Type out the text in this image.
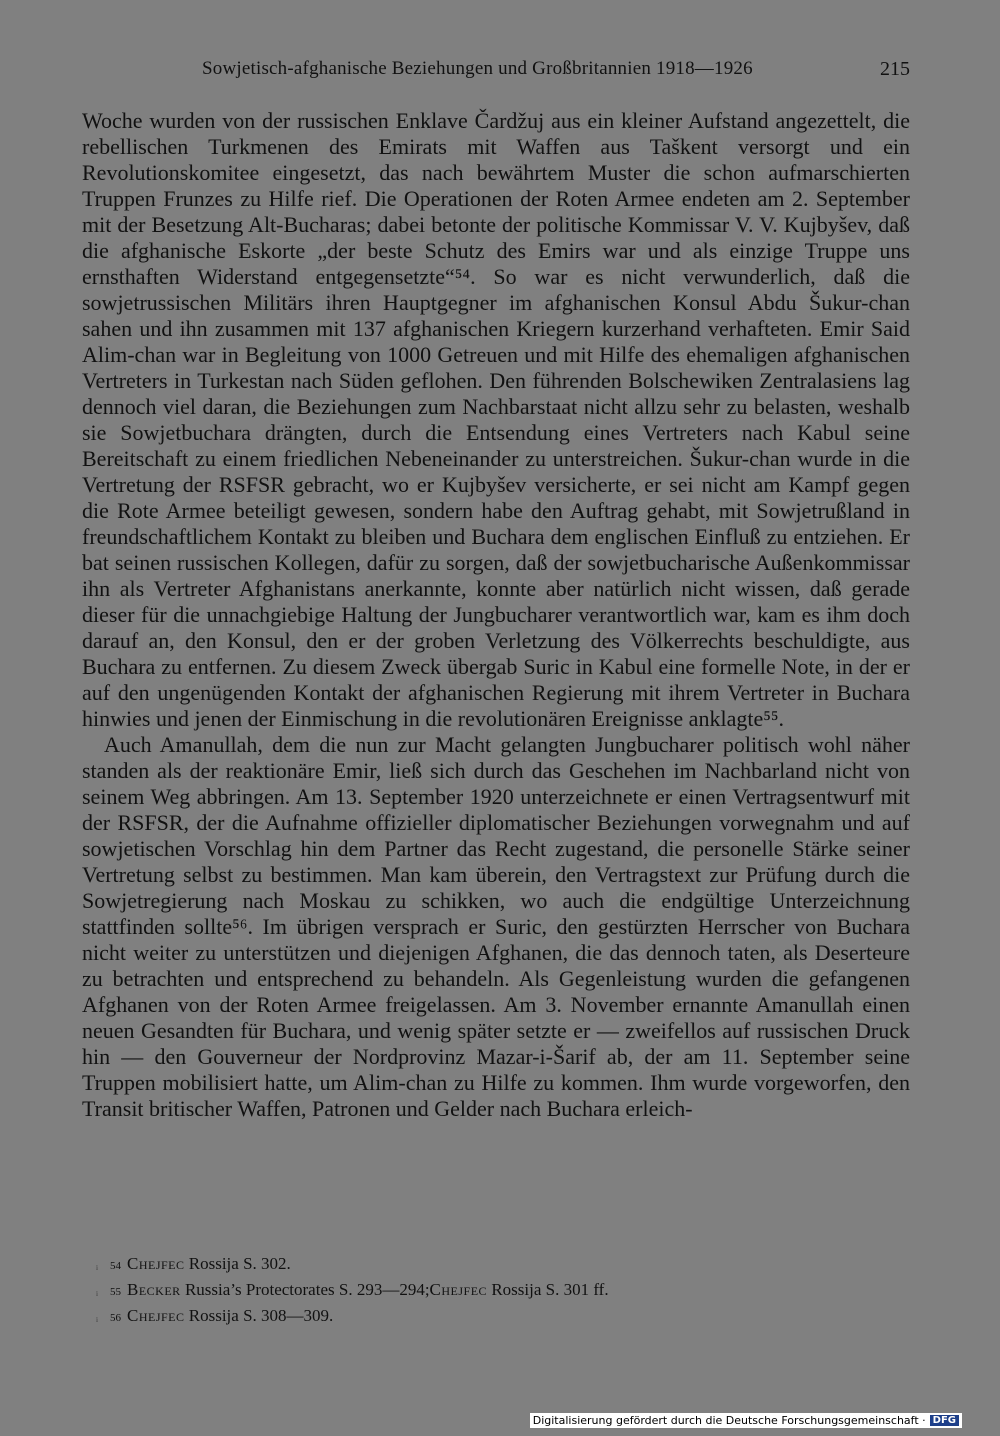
Sowjetisch-afghanische Beziehungen und Großbritannien 1918—1926	215

Woche wurden von der russischen Enklave Čardžuj aus ein kleiner Aufstand angezettelt, die rebellischen Turkmenen des Emirats mit Waffen aus Taškent versorgt und ein Revolutionskomitee eingesetzt, das nach bewährtem Muster die schon aufmarschierten Truppen Frunzes zu Hilfe rief. Die Operationen der Roten Armee endeten am 2. September mit der Besetzung Alt-Bucharas; dabei betonte der politische Kommissar V. V. Kujbyšev, daß die afghanische Eskorte „der beste Schutz des Emirs war und als einzige Truppe uns ernsthaften Widerstand entgegensetzte“⁵⁴. So war es nicht verwunderlich, daß die sowjetrussischen Militärs ihren Hauptgegner im afghanischen Konsul Abdu Šukur-chan sahen und ihn zusammen mit 137 afghanischen Kriegern kurzerhand verhafteten. Emir Said Alim-chan war in Begleitung von 1000 Getreuen und mit Hilfe des ehemaligen afghanischen Vertreters in Turkestan nach Süden geflohen. Den führenden Bolschewiken Zentralasiens lag dennoch viel daran, die Beziehungen zum Nachbarstaat nicht allzu sehr zu belasten, weshalb sie Sowjetbuchara drängten, durch die Entsendung eines Vertreters nach Kabul seine Bereitschaft zu einem friedlichen Nebeneinander zu unterstreichen. Šukur-chan wurde in die Vertretung der RSFSR gebracht, wo er Kujbyšev versicherte, er sei nicht am Kampf gegen die Rote Armee beteiligt gewesen, sondern habe den Auftrag gehabt, mit Sowjetrußland in freundschaftlichem Kontakt zu bleiben und Buchara dem englischen Einfluß zu entziehen. Er bat seinen russischen Kollegen, dafür zu sorgen, daß der sowjetbucharische Außenkommissar ihn als Vertreter Afghanistans anerkannte, konnte aber natürlich nicht wissen, daß gerade dieser für die unnachgiebige Haltung der Jungbucharer verantwortlich war, kam es ihm doch darauf an, den Konsul, den er der groben Verletzung des Völkerrechts beschuldigte, aus Buchara zu entfernen. Zu diesem Zweck übergab Suric in Kabul eine formelle Note, in der er auf den ungenügenden Kontakt der afghanischen Regierung mit ihrem Vertreter in Buchara hinwies und jenen der Einmischung in die revolutionären Ereignisse anklagte⁵⁵.

Auch Amanullah, dem die nun zur Macht gelangten Jungbucharer politisch wohl näher standen als der reaktionäre Emir, ließ sich durch das Geschehen im Nachbarland nicht von seinem Weg abbringen. Am 13. September 1920 unterzeichnete er einen Vertragsentwurf mit der RSFSR, der die Aufnahme offizieller diplomatischer Beziehungen vorwegnahm und auf sowjetischen Vorschlag hin dem Partner das Recht zugestand, die personelle Stärke seiner Vertretung selbst zu bestimmen. Man kam überein, den Vertragstext zur Prüfung durch die Sowjetregierung nach Moskau zu schikken, wo auch die endgültige Unterzeichnung stattfinden sollte⁵⁶. Im übrigen versprach er Suric, den gestürzten Herrscher von Buchara nicht weiter zu unterstützen und diejenigen Afghanen, die das dennoch taten, als Deserteure zu betrachten und entsprechend zu behandeln. Als Gegenleistung wurden die gefangenen Afghanen von der Roten Armee freigelassen. Am 3. November ernannte Amanullah einen neuen Gesandten für Buchara, und wenig später setzte er — zweifellos auf russischen Druck hin — den Gouverneur der Nordprovinz Mazar-i-Šarif ab, der am 11. September seine Truppen mobilisiert hatte, um Alim-chan zu Hilfe zu kommen. Ihm wurde vorgeworfen, den Transit britischer Waffen, Patronen und Gelder nach Buchara erleich-

ᵢ	54 Chejfec
Rossija S. 302.
ᵢ	55 Becker
Russia’s Protectorates S. 293—294; Chejfec
Rossija S. 301 ff.
ᵢ	56 Chejfec
Rossija S. 308—309.
Digitalisierung gefördert durch die Deutsche Forschungsgemeinschaft · DFG
